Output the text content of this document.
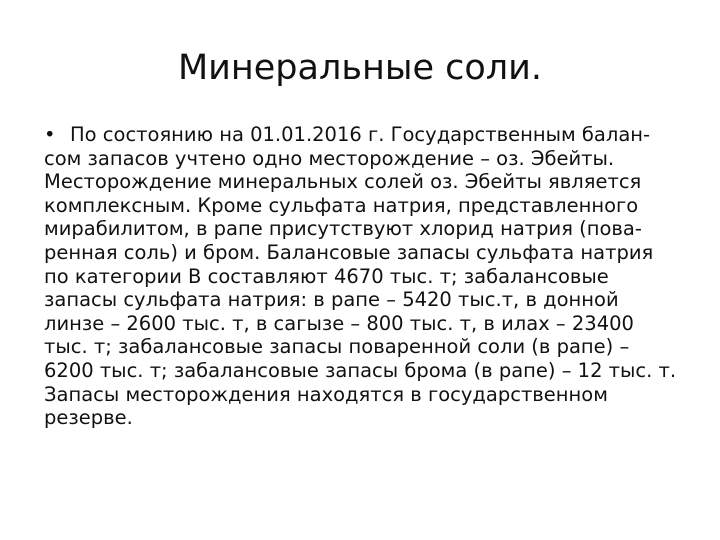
Минеральные соли.
• По состоянию на 01.01.2016 г. Государственным балан-
сом запасов учтено одно месторождение – оз. Эбейты.
Месторождение минеральных солей оз. Эбейты является
комплексным. Кроме сульфата натрия, представленного
мирабилитом, в рапе присутствуют хлорид натрия (пова-
ренная соль) и бром. Балансовые запасы сульфата натрия
по категории В составляют 4670 тыс. т; забалансовые
запасы сульфата натрия: в рапе – 5420 тыс.т, в донной
линзе – 2600 тыс. т, в сагызе – 800 тыс. т, в илах – 23400
тыс. т; забалансовые запасы поваренной соли (в рапе) –
6200 тыс. т; забалансовые запасы брома (в рапе) – 12 тыс. т.
Запасы месторождения находятся в государственном
резерве.
